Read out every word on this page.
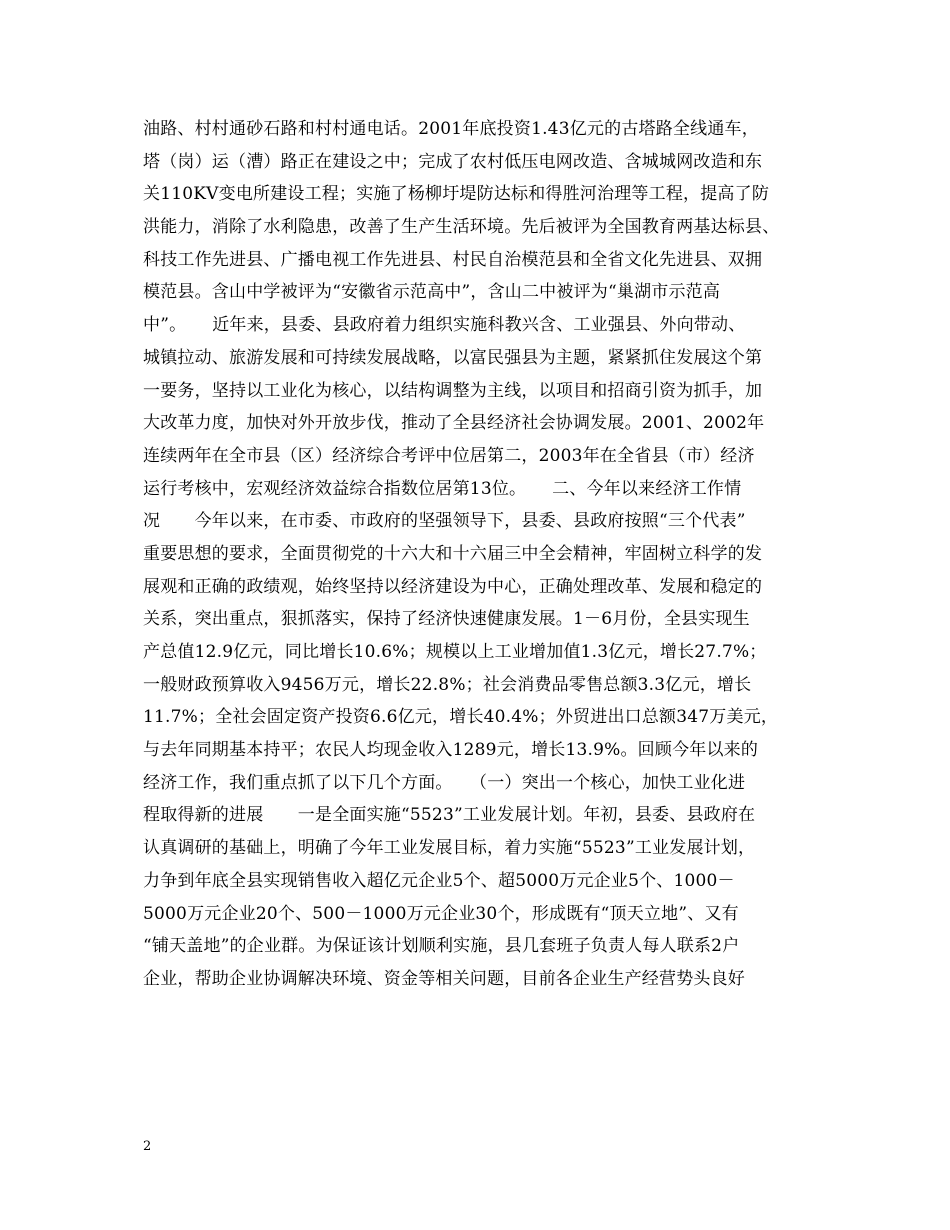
油路、村村通砂石路和村村通电话。2001年底投资1.43亿元的古塔路全线通车，
塔（岗）运（漕）路正在建设之中；完成了农村低压电网改造、含城城网改造和东
关110KV变电所建设工程；实施了杨柳圩堤防达标和得胜河治理等工程，提高了防
洪能力，消除了水利隐患，改善了生产生活环境。先后被评为全国教育两基达标县、
科技工作先进县、广播电视工作先进县、村民自治模范县和全省文化先进县、双拥
模范县。含山中学被评为“安徽省示范高中”，含山二中被评为“巢湖市示范高
中”。　　近年来，县委、县政府着力组织实施科教兴含、工业强县、外向带动、
城镇拉动、旅游发展和可持续发展战略，以富民强县为主题，紧紧抓住发展这个第
一要务，坚持以工业化为核心，以结构调整为主线，以项目和招商引资为抓手，加
大改革力度，加快对外开放步伐，推动了全县经济社会协调发展。2001、2002年
连续两年在全市县（区）经济综合考评中位居第二，2003年在全省县（市）经济
运行考核中，宏观经济效益综合指数位居第13位。　　二、今年以来经济工作情
况　　今年以来，在市委、市政府的坚强领导下，县委、县政府按照“三个代表”
重要思想的要求，全面贯彻党的十六大和十六届三中全会精神，牢固树立科学的发
展观和正确的政绩观，始终坚持以经济建设为中心，正确处理改革、发展和稳定的
关系，突出重点，狠抓落实，保持了经济快速健康发展。1－6月份，全县实现生
产总值12.9亿元，同比增长10.6%；规模以上工业增加值1.3亿元，增长27.7%；
一般财政预算收入9456万元，增长22.8%；社会消费品零售总额3.3亿元，增长
11.7%；全社会固定资产投资6.6亿元，增长40.4%；外贸进出口总额347万美元，
与去年同期基本持平；农民人均现金收入1289元，增长13.9%。回顾今年以来的
经济工作，我们重点抓了以下几个方面。　　（一）突出一个核心，加快工业化进
程取得新的进展　　一是全面实施“5523”工业发展计划。年初，县委、县政府在
认真调研的基础上，明确了今年工业发展目标，着力实施“5523”工业发展计划，
力争到年底全县实现销售收入超亿元企业5个、超5000万元企业5个、1000－
5000万元企业20个、500－1000万元企业30个，形成既有“顶天立地”、又有
“铺天盖地”的企业群。为保证该计划顺利实施，县几套班子负责人每人联系2户
企业，帮助企业协调解决环境、资金等相关问题，目前各企业生产经营势头良好
2
